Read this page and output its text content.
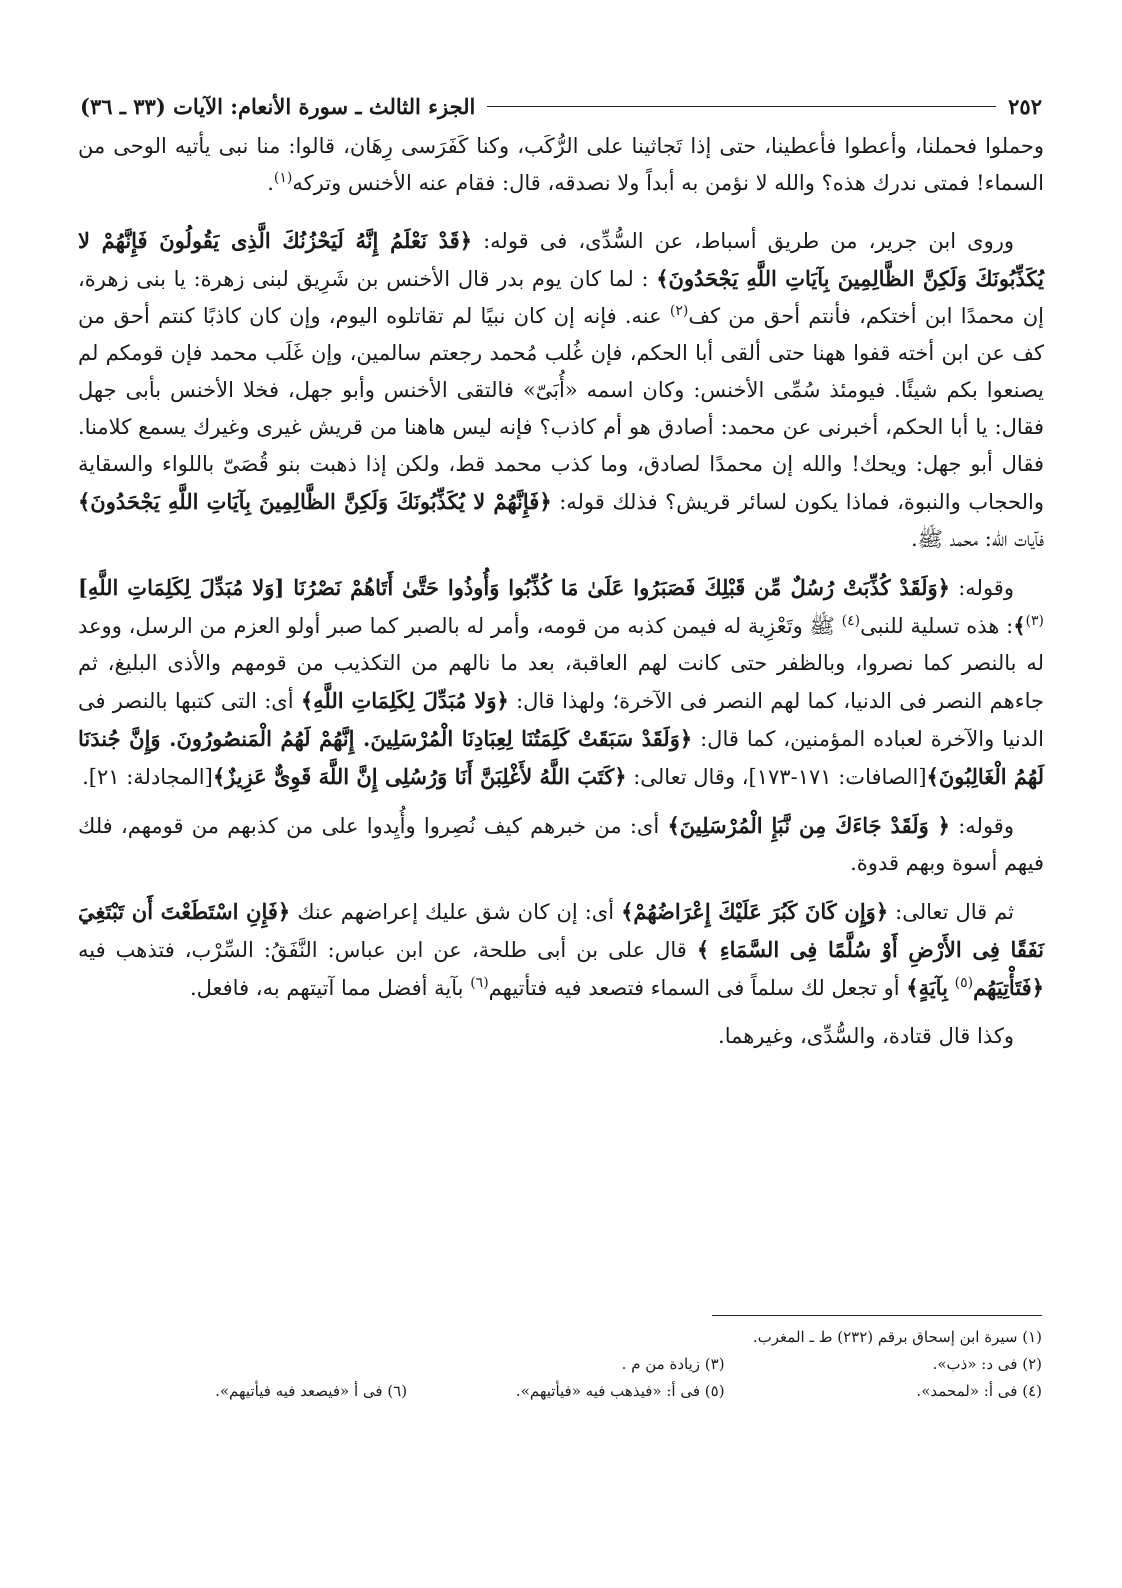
٢٥٢
الجزء الثالث ـ سورة الأنعام: الآيات (٣٣ ـ ٣٦)

وحملوا فحملنا، وأعطوا فأعطينا، حتى إذا تَجاثينا على الرُّكَب، وكنا كَفَرَسى رِهَان، قالوا: منا نبى يأتيه الوحى من السماء! فمتى ندرك هذه؟ والله لا نؤمن به أبداً ولا نصدقه، قال: فقام عنه الأخنس وتركه$^{(١)}$.

وروى ابن جرير، من طريق أسباط، عن السُّدِّى، فى قوله: ﴿قَدْ نَعْلَمُ إِنَّهُ لَيَحْزُنُكَ الَّذِى يَقُولُونَ فَإِنَّهُمْ لا يُكَذِّبُونَكَ وَلَكِنَّ الظَّالِمِينَ بِآيَاتِ اللَّهِ يَجْحَدُونَ﴾ : لما كان يوم بدر قال الأخنس بن شَرِيق لبنى زهرة: يا بنى زهرة، إن محمدًا ابن أختكم، فأنتم أحق من كف$^{(٢)}$ عنه. فإنه إن كان نبيًا لم تقاتلوه اليوم، وإن كان كاذبًا كنتم أحق من كف عن ابن أخته قفوا ههنا حتى ألقى أبا الحكم، فإن غُلب مُحمد رجعتم سالمين، وإن غَلَب محمد فإن قومكم لم يصنعوا بكم شيئًا. فيومئذ سُمِّى الأخنس: وكان اسمه «أُبَىّ» فالتقى الأخنس وأبو جهل، فخلا الأخنس بأبى جهل فقال: يا أبا الحكم، أخبرنى عن محمد: أصادق هو أم كاذب؟ فإنه ليس هاهنا من قريش غيرى وغيرك يسمع كلامنا. فقال أبو جهل: ويحك! والله إن محمدًا لصادق، وما كذب محمد قط، ولكن إذا ذهبت بنو قُصَىّ باللواء والسقاية والحجاب والنبوة، فماذا يكون لسائر قريش؟ فذلك قوله: ﴿فَإِنَّهُمْ لا يُكَذِّبُونَكَ وَلَكِنَّ الظَّالِمِينَ بِآيَاتِ اللَّهِ يَجْحَدُونَ﴾ فآيات الله: محمد ﷺ.

وقوله: ﴿وَلَقَدْ كُذِّبَتْ رُسُلٌ مِّن قَبْلِكَ فَصَبَرُوا عَلَىٰ مَا كُذِّبُوا وَأُوذُوا حَتَّىٰ أَتَاهُمْ نَصْرُنَا [وَلا مُبَدِّلَ لِكَلِمَاتِ اللَّهِ]$^{(٣)}$﴾: هذه تسلية للنبى$^{(٤)}$ ﷺ وتَعْزِية له فيمن كذبه من قومه، وأمر له بالصبر كما صبر أولو العزم من الرسل، ووعد له بالنصر كما نصروا، وبالظفر حتى كانت لهم العاقبة، بعد ما نالهم من التكذيب من قومهم والأذى البليغ، ثم جاءهم النصر فى الدنيا، كما لهم النصر فى الآخرة؛ ولهذا قال: ﴿وَلا مُبَدِّلَ لِكَلِمَاتِ اللَّهِ﴾ أى: التى كتبها بالنصر فى الدنيا والآخرة لعباده المؤمنين، كما قال: ﴿وَلَقَدْ سَبَقَتْ كَلِمَتُنَا لِعِبَادِنَا الْمُرْسَلِينَ. إِنَّهُمْ لَهُمُ الْمَنصُورُونَ. وَإِنَّ جُندَنَا لَهُمُ الْغَالِبُونَ﴾[الصافات: ١٧١-١٧٣]، وقال تعالى: ﴿كَتَبَ اللَّهُ لأَغْلِبَنَّ أَنَا وَرُسُلِى إِنَّ اللَّهَ قَوِىٌّ عَزِيزٌ﴾[المجادلة: ٢١].

وقوله: ﴿ وَلَقَدْ جَاءَكَ مِن نَّبَإِ الْمُرْسَلِينَ﴾ أى: من خبرهم كيف نُصِروا وأُيِدوا على من كذبهم من قومهم، فلك فيهم أسوة وبهم قدوة.

ثم قال تعالى: ﴿وَإِن كَانَ كَبُرَ عَلَيْكَ إِعْرَاضُهُمْ﴾ أى: إن كان شق عليك إعراضهم عنك ﴿فَإِنِ اسْتَطَعْتَ أَن تَبْتَغِيَ نَفَقًا فِى الأَرْضِ أَوْ سُلَّمًا فِى السَّمَاءِ ﴾ قال على بن أبى طلحة، عن ابن عباس: النَّفَقُ: السِّرْب، فتذهب فيه ﴿فَتَأْتِيَهُم$^{(٥)}$ بِآيَةٍ﴾ أو تجعل لك سلماً فى السماء فتصعد فيه فتأتيهم$^{(٦)}$ بآية أفضل مما آتيتهم به، فافعل.

وكذا قال قتادة، والسُّدِّى، وغيرهما.

(١) سيرة ابن إسحاق برقم (٢٣٢) ط ـ المغرب.
(٢) فى د: «ذب».
(٣) زيادة من م .
(٤) فى أ: «لمحمد».
(٥) فى أ: «فيذهب فيه «فيأتيهم».
(٦) فى أ «فيصعد فيه فيأتيهم».
